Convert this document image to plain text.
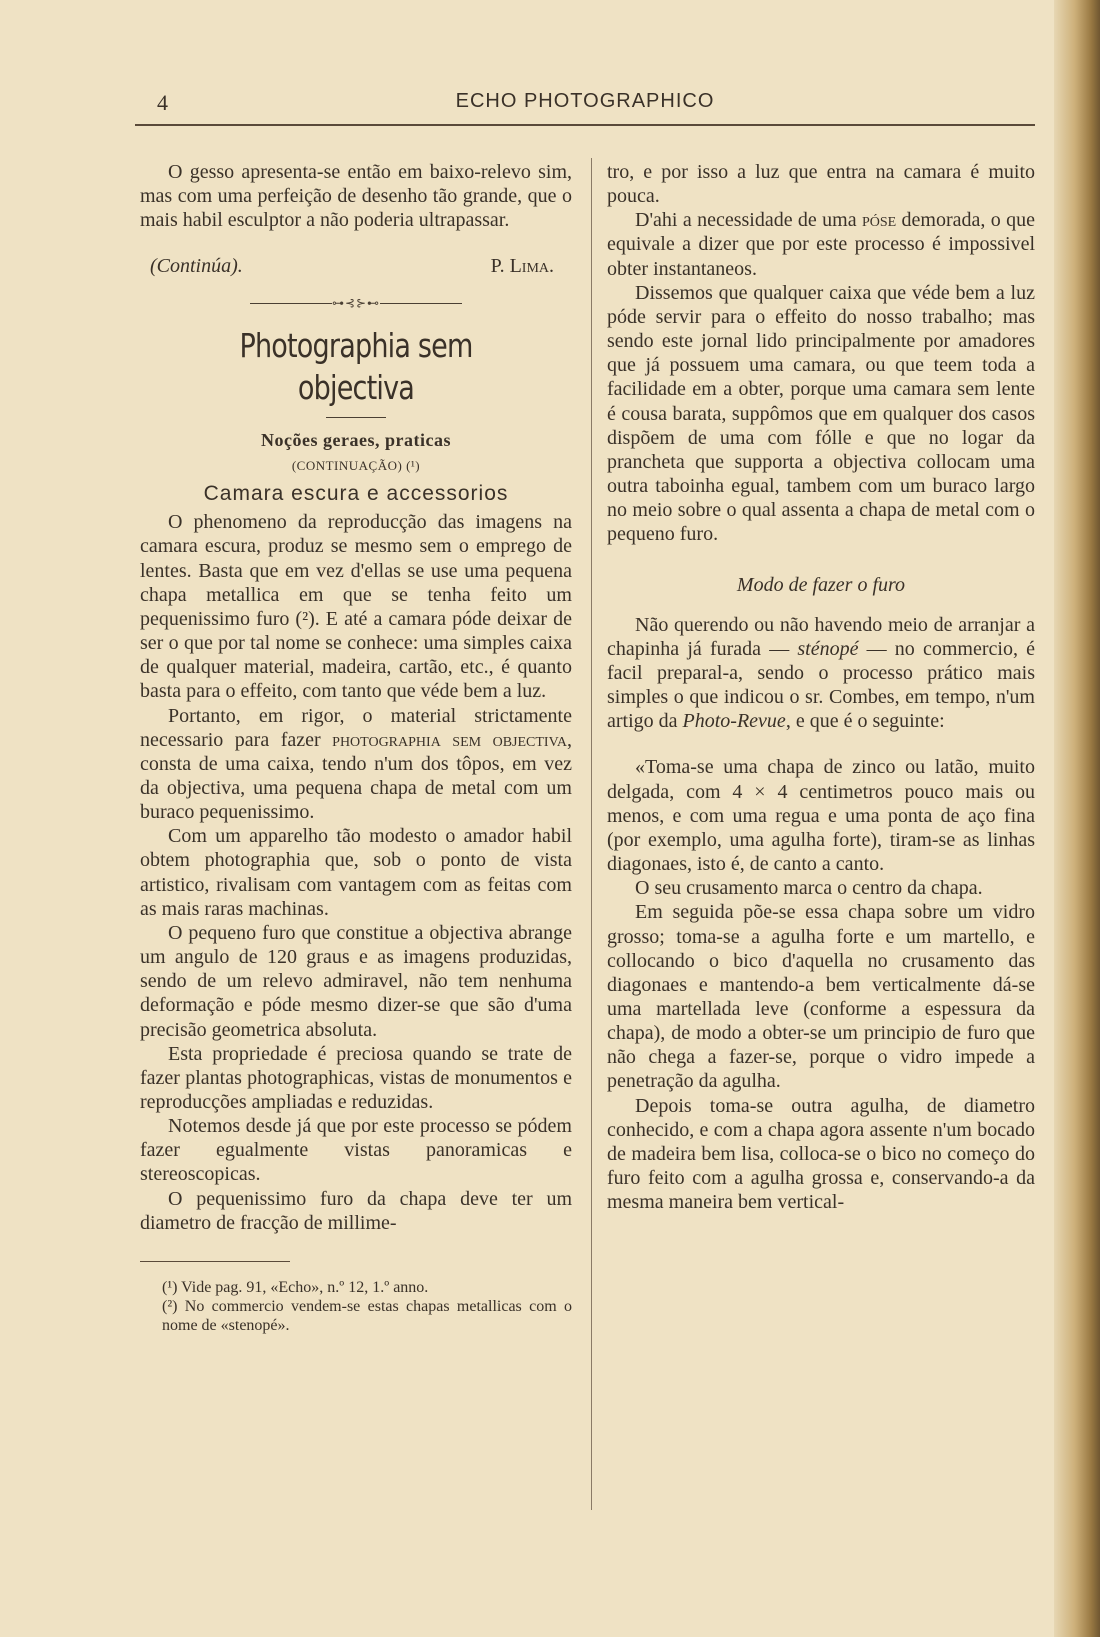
4	ECHO PHOTOGRAPHICO

O gesso apresenta-se então em baixo-relevo sim, mas com uma perfeição de desenho tão grande, que o mais habil esculptor a não poderia ultrapassar.

(Continúa).	P. Lima.
⊶⊰⊱⊷
Photographia sem objectiva
Noções geraes, praticas
(CONTINUAÇÃO) (¹)
Camara escura e accessorios

O phenomeno da reproducção das imagens na camara escura, produz se mesmo sem o emprego de lentes. Basta que em vez d'ellas se use uma pequena chapa metallica em que se tenha feito um pequenissimo furo (²). E até a camara póde deixar de ser o que por tal nome se conhece: uma simples caixa de qualquer material, madeira, cartão, etc., é quanto basta para o effeito, com tanto que véde bem a luz.

Portanto, em rigor, o material strictamente necessario para fazer photographia sem objectiva, consta de uma caixa, tendo n'um dos tôpos, em vez da objectiva, uma pequena chapa de metal com um buraco pequenissimo.

Com um apparelho tão modesto o amador habil obtem photographia que, sob o ponto de vista artistico, rivalisam com vantagem com as feitas com as mais raras machinas.

O pequeno furo que constitue a objectiva abrange um angulo de 120 graus e as imagens produzidas, sendo de um relevo admiravel, não tem nenhuma deformação e póde mesmo dizer-se que são d'uma precisão geometrica absoluta.

Esta propriedade é preciosa quando se trate de fazer plantas photographicas, vistas de monumentos e reproducções ampliadas e reduzidas.

Notemos desde já que por este processo se pódem fazer egualmente vistas panoramicas e stereoscopicas.

O pequenissimo furo da chapa deve ter um diametro de fracção de millime-

(¹) Vide pag. 91, «Echo», n.º 12, 1.º anno.

(²) No commercio vendem-se estas chapas metallicas com o nome de «stenopé».

tro, e por isso a luz que entra na camara é muito pouca.

D'ahi a necessidade de uma póse demorada, o que equivale a dizer que por este processo é impossivel obter instantaneos.

Dissemos que qualquer caixa que véde bem a luz póde servir para o effeito do nosso trabalho; mas sendo este jornal lido principalmente por amadores que já possuem uma camara, ou que teem toda a facilidade em a obter, porque uma camara sem lente é cousa barata, suppômos que em qualquer dos casos dispõem de uma com fólle e que no logar da prancheta que supporta a objectiva collocam uma outra taboinha egual, tambem com um buraco largo no meio sobre o qual assenta a chapa de metal com o pequeno furo.

Modo de fazer o furo

Não querendo ou não havendo meio de arranjar a chapinha já furada — sténopé — no commercio, é facil preparal-a, sendo o processo prático mais simples o que indicou o sr. Combes, em tempo, n'um artigo da Photo-Revue, e que é o seguinte:

«Toma-se uma chapa de zinco ou latão, muito delgada, com 4 × 4 centimetros pouco mais ou menos, e com uma regua e uma ponta de aço fina (por exemplo, uma agulha forte), tiram-se as linhas diagonaes, isto é, de canto a canto.

O seu crusamento marca o centro da chapa.

Em seguida põe-se essa chapa sobre um vidro grosso; toma-se a agulha forte e um martello, e collocando o bico d'aquella no crusamento das diagonaes e mantendo-a bem verticalmente dá-se uma martellada leve (conforme a espessura da chapa), de modo a obter-se um principio de furo que não chega a fazer-se, porque o vidro impede a penetração da agulha.

Depois toma-se outra agulha, de diametro conhecido, e com a chapa agora assente n'um bocado de madeira bem lisa, colloca-se o bico no começo do furo feito com a agulha grossa e, conservando-a da mesma maneira bem vertical-
